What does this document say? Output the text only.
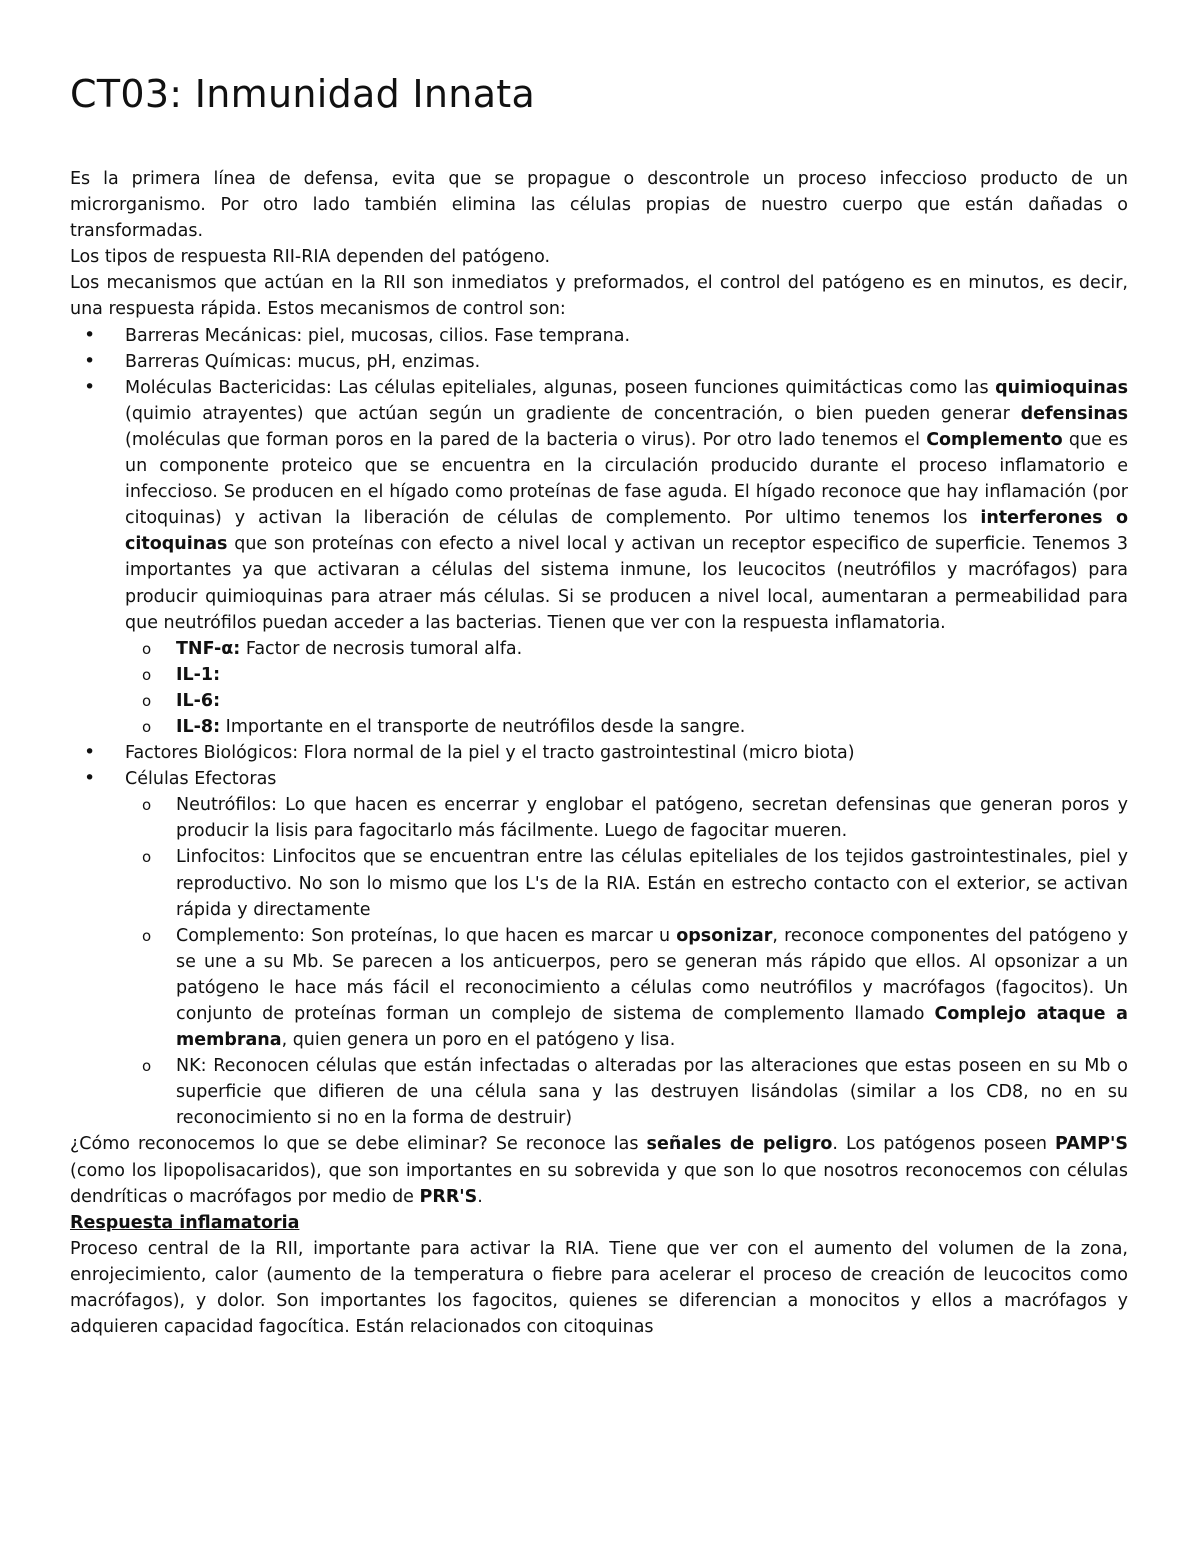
CT03: Inmunidad Innata

Es la primera línea de defensa, evita que se propague o descontrole un proceso infeccioso producto de un microrganismo. Por otro lado también elimina las células propias de nuestro cuerpo que están dañadas o transformadas.

Los tipos de respuesta RII-RIA dependen del patógeno.

Los mecanismos que actúan en la RII son inmediatos y preformados, el control del patógeno es en minutos, es decir, una respuesta rápida. Estos mecanismos de control son:

• Barreras Mecánicas: piel, mucosas, cilios. Fase temprana.
• Barreras Químicas: mucus, pH, enzimas.
• Moléculas Bactericidas: Las células epiteliales, algunas, poseen funciones quimitácticas como las quimioquinas (quimio atrayentes) que actúan según un gradiente de concentración, o bien pueden generar defensinas (moléculas que forman poros en la pared de la bacteria o virus). Por otro lado tenemos el Complemento que es un componente proteico que se encuentra en la circulación producido durante el proceso inflamatorio e infeccioso. Se producen en el hígado como proteínas de fase aguda. El hígado reconoce que hay inflamación (por citoquinas) y activan la liberación de células de complemento. Por ultimo tenemos los interferones o citoquinas que son proteínas con efecto a nivel local y activan un receptor especifico de superficie. Tenemos 3 importantes ya que activaran a células del sistema inmune, los leucocitos (neutrófilos y macrófagos) para producir quimioquinas para atraer más células. Si se producen a nivel local, aumentaran a permeabilidad para que neutrófilos puedan acceder a las bacterias. Tienen que ver con la respuesta inflamatoria.
o TNF-α: Factor de necrosis tumoral alfa.
o IL-1:
o IL-6:
o IL-8: Importante en el transporte de neutrófilos desde la sangre.
• Factores Biológicos: Flora normal de la piel y el tracto gastrointestinal (micro biota)
• Células Efectoras
o Neutrófilos: Lo que hacen es encerrar y englobar el patógeno, secretan defensinas que generan poros y producir la lisis para fagocitarlo más fácilmente. Luego de fagocitar mueren.
o Linfocitos: Linfocitos que se encuentran entre las células epiteliales de los tejidos gastrointestinales, piel y reproductivo. No son lo mismo que los L's de la RIA. Están en estrecho contacto con el exterior, se activan rápida y directamente
o Complemento: Son proteínas, lo que hacen es marcar u opsonizar, reconoce componentes del patógeno y se une a su Mb. Se parecen a los anticuerpos, pero se generan más rápido que ellos. Al opsonizar a un patógeno le hace más fácil el reconocimiento a células como neutrófilos y macrófagos (fagocitos). Un conjunto de proteínas forman un complejo de sistema de complemento llamado Complejo ataque a membrana, quien genera un poro en el patógeno y lisa.
o NK: Reconocen células que están infectadas o alteradas por las alteraciones que estas poseen en su Mb o superficie que difieren de una célula sana y las destruyen lisándolas (similar a los CD8, no en su reconocimiento si no en la forma de destruir)

¿Cómo reconocemos lo que se debe eliminar? Se reconoce las señales de peligro. Los patógenos poseen PAMP'S (como los lipopolisacaridos), que son importantes en su sobrevida y que son lo que nosotros reconocemos con células dendríticas o macrófagos por medio de PRR'S.

Respuesta inflamatoria

Proceso central de la RII, importante para activar la RIA. Tiene que ver con el aumento del volumen de la zona, enrojecimiento, calor (aumento de la temperatura o fiebre para acelerar el proceso de creación de leucocitos como macrófagos), y dolor. Son importantes los fagocitos, quienes se diferencian a monocitos y ellos a macrófagos y adquieren capacidad fagocítica. Están relacionados con citoquinas
